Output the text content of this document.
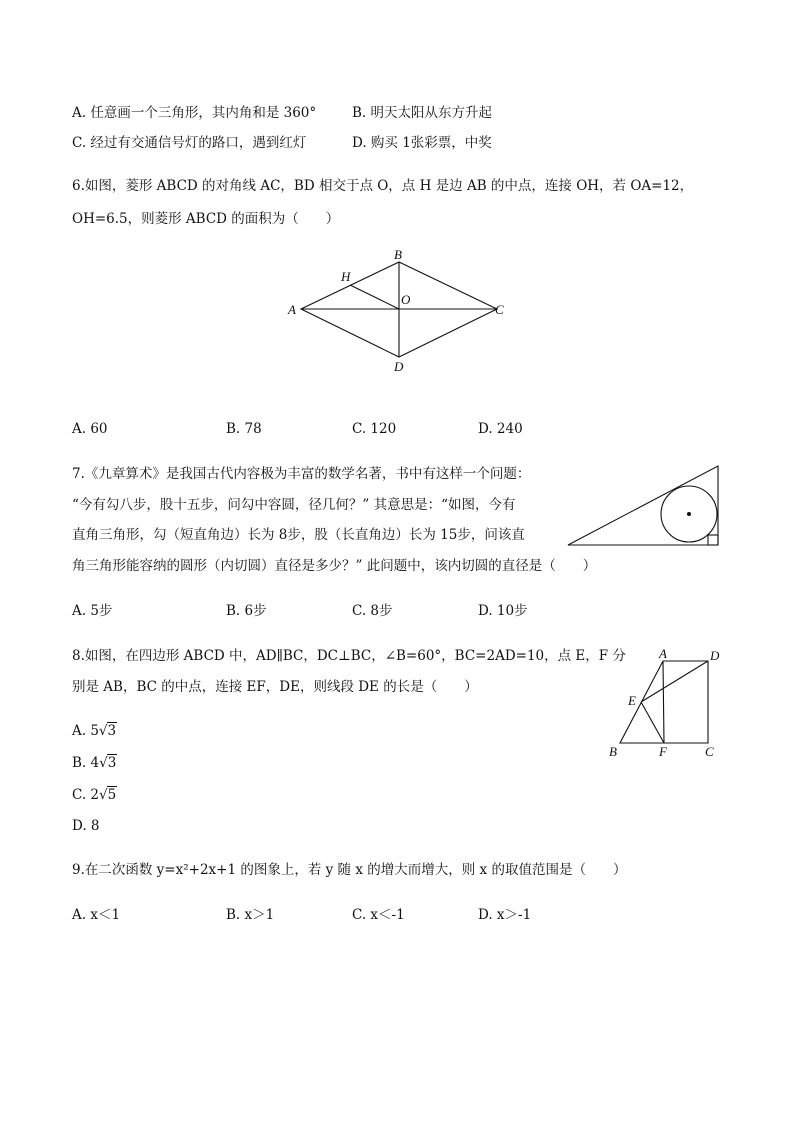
A. 任意画一个三角形，其内角和是 360°	B. 明天太阳从东方升起
C. 经过有交通信号灯的路口，遇到红灯	D. 购买 1张彩票，中奖
6.如图，菱形 ABCD 的对角线 AC，BD 相交于点 O，点 H 是边 AB 的中点，连接 OH，若 OA=12，
OH=6.5，则菱形 ABCD 的面积为（　　）
A
B
C
D
H
O
A. 60	B. 78	C. 120	D. 240
7.《九章算术》是我国古代内容极为丰富的数学名著，书中有这样一个问题：
“今有勾八步，股十五步，问勾中容圆，径几何？” 其意思是：“如图，今有
直角三角形，勾（短直角边）长为 8步，股（长直角边）长为 15步，问该直
角三角形能容纳的圆形（内切圆）直径是多少？” 此问题中，该内切圆的直径是（　　）
A. 5步	B. 6步	C. 8步	D. 10步
8.如图，在四边形 ABCD 中，AD∥BC，DC⊥BC，∠B=60°，BC=2AD=10，点 E，F 分
别是 AB，BC 的中点，连接 EF，DE，则线段 DE 的长是（　　）
A	D
E
B	F	C
A. 5√3
B. 4√3
C. 2√5
D. 8
9.在二次函数 y=x²+2x+1 的图象上，若 y 随 x 的增大而增大，则 x 的取值范围是（　　）
A. x＜1	B. x＞1	C. x＜-1	D. x＞-1
